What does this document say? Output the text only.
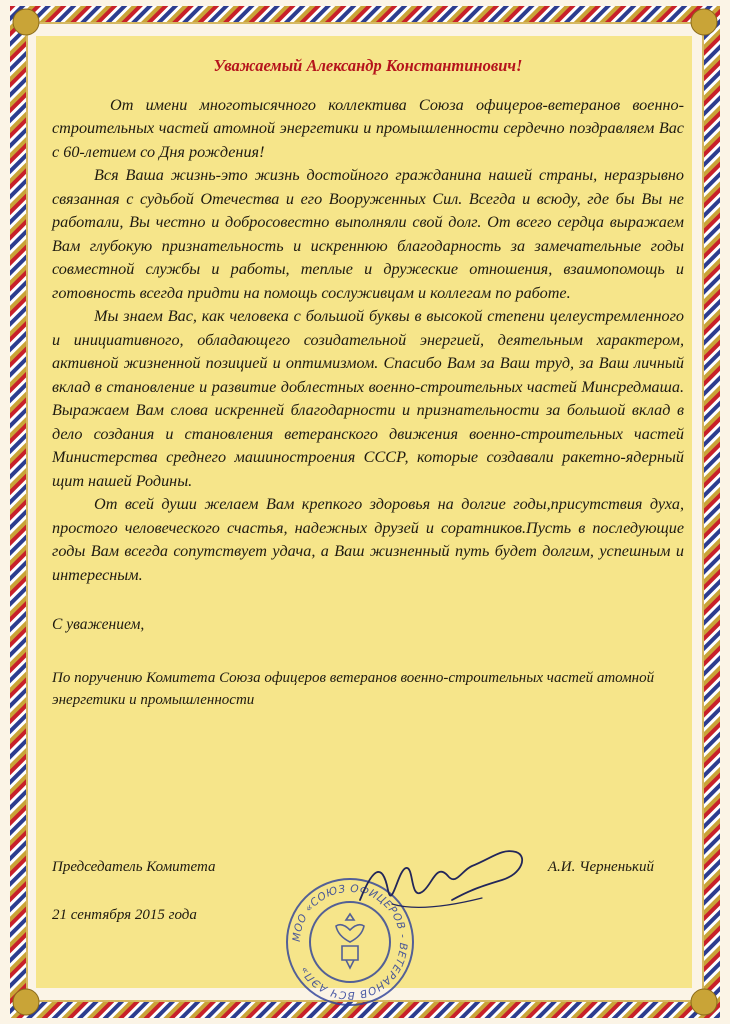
Уважаемый Александр Константинович!

От имени многотысячного коллектива Союза офицеров-ветеранов военно-строительных частей атомной энергетики и промышленности сердечно поздравляем Вас с 60-летием со Дня рождения!

Вся Ваша жизнь-это жизнь достойного гражданина нашей страны, неразрывно связанная с судьбой Отечества и его Вооруженных Сил. Всегда и всюду, где бы Вы не работали, Вы честно и добросовестно выполняли свой долг. От всего сердца выражаем Вам глубокую признательность и искреннюю благодарность за замечательные годы совместной службы и работы, теплые и дружеские отношения, взаимопомощь и готовность всегда придти на помощь сослуживцам и коллегам по работе.

Мы знаем Вас, как человека с большой буквы в высокой степени целеустремленного и инициативного, обладающего созидательной энергией, деятельным характером, активной жизненной позицией и оптимизмом. Спасибо Вам за Ваш труд, за Ваш личный вклад в становление и развитие доблестных военно-строительных частей Минсредмаша. Выражаем Вам слова искренней благодарности и признательности за большой вклад в дело создания и становления ветеранского движения военно-строительных частей Министерства среднего машиностроения СССР, которые создавали ракетно-ядерный щит нашей Родины.

От всей души желаем Вам крепкого здоровья на долгие годы,присутствия духа, простого человеческого счастья, надежных друзей и соратников.Пусть в последующие годы Вам всегда сопутствует удача, а Ваш жизненный путь будет долгим, успешным и интересным.

С уважением,

По поручению Комитета Союза офицеров ветеранов военно-строительных частей атомной энергетики и промышленности

Председатель Комитета	А.И. Черненький
21 сентября 2015 года
МОО «СОЮЗ ОФИЦЕРОВ - ВЕТЕРАНОВ ВСЧ АЭП»
